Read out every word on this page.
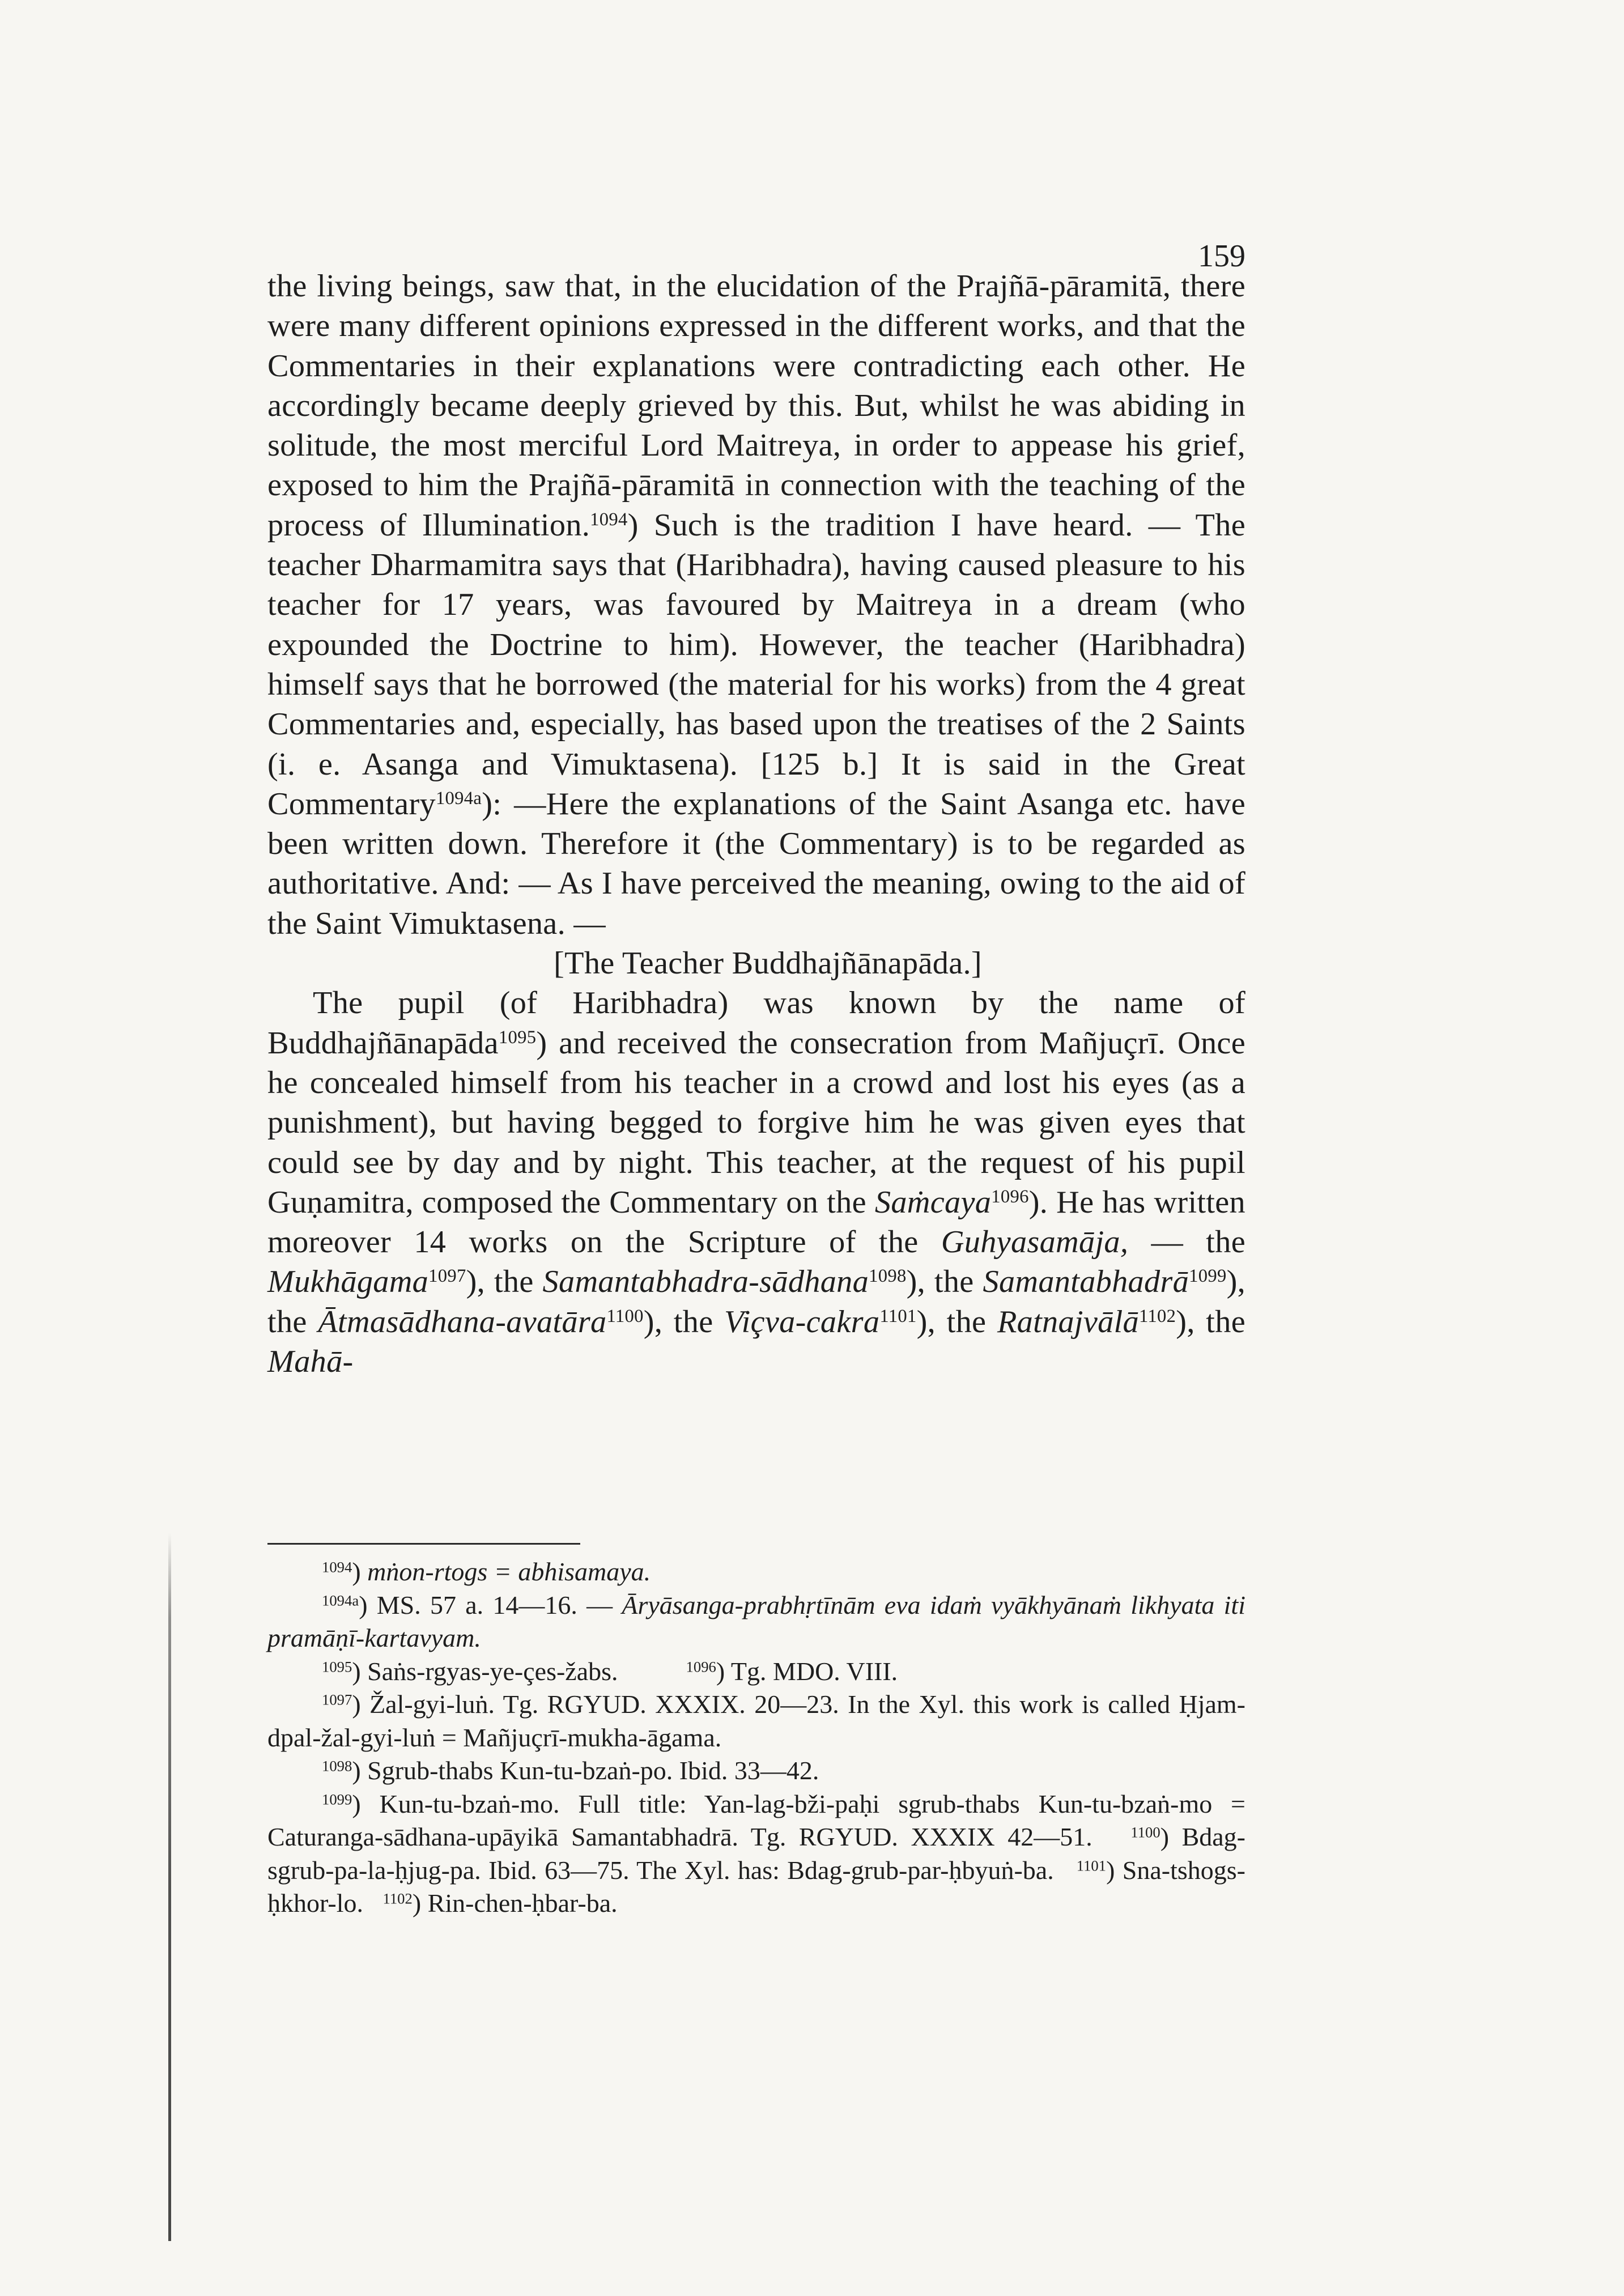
159

the living beings, saw that, in the elucidation of the Prajñā-pāramitā, there were many different opinions expressed in the different works, and that the Commentaries in their explanations were contradicting each other. He accordingly became deeply grieved by this. But, whilst he was abiding in solitude, the most merciful Lord Maitreya, in order to appease his grief, exposed to him the Prajñā-pāramitā in connection with the teaching of the process of Illumination.$^{1094}$) Such is the tradition I have heard. — The teacher Dharmamitra says that (Haribhadra), having caused pleasure to his teacher for 17 years, was favoured by Maitreya in a dream (who expounded the Doctrine to him). However, the teacher (Haribhadra) himself says that he borrowed (the material for his works) from the 4 great Commentaries and, especially, has based upon the treatises of the 2 Saints (i. e. Asanga and Vimuktasena). [125 b.] It is said in the Great Commentary$^{1094a}$): —Here the explanations of the Saint Asanga etc. have been written down. Therefore it (the Commentary) is to be regarded as authoritative. And: — As I have perceived the meaning, owing to the aid of the Saint Vimuktasena. —

[The Teacher Buddhajñānapāda.]

The pupil (of Haribhadra) was known by the name of Buddhajñānapāda$^{1095}$) and received the consecration from Mañjuçrī. Once he concealed himself from his teacher in a crowd and lost his eyes (as a punishment), but having begged to forgive him he was given eyes that could see by day and by night. This teacher, at the request of his pupil Guṇamitra, composed the Commentary on the Saṁcaya$^{1096}$). He has written moreover 14 works on the Scripture of the Guhyasamāja, — the Mukhāgama$^{1097}$), the Samantabhadra-sādhana$^{1098}$), the Samantabhadrā$^{1099}$), the Ātmasādhana-avatāra$^{1100}$), the Viçva-cakra$^{1101}$), the Ratnajvālā$^{1102}$), the Mahā-

$^{1094}$) mṅon-rtogs = abhisamaya.

$^{1094a}$) MS. 57 a. 14—16. — Āryāsanga-prabhṛtīnām eva idaṁ vyākhyānaṁ likhyata iti pramāṇī-kartavyam.

$^{1095}$) Saṅs-rgyas-ye-çes-žabs.	$^{1096}$) Tg. MDO. VIII.

$^{1097}$) Žal-gyi-luṅ. Tg. RGYUD. XXXIX. 20—23. In the Xyl. this work is called Ḥjam-dpal-žal-gyi-luṅ = Mañjuçrī-mukha-āgama.

$^{1098}$) Sgrub-thabs Kun-tu-bzaṅ-po. Ibid. 33—42.

$^{1099}$) Kun-tu-bzaṅ-mo. Full title: Yan-lag-bži-paḥi sgrub-thabs Kun-tu-bzaṅ-mo = Caturanga-sādhana-upāyikā Samantabhadrā. Tg. RGYUD. XXXIX 42—51.	$^{1100}$) Bdag-sgrub-pa-la-ḥjug-pa. Ibid. 63—75. The Xyl. has: Bdag-grub-par-ḥbyuṅ-ba. $^{1101}$) Sna-tshogs-ḥkhor-lo. $^{1102}$) Rin-chen-ḥbar-ba.
